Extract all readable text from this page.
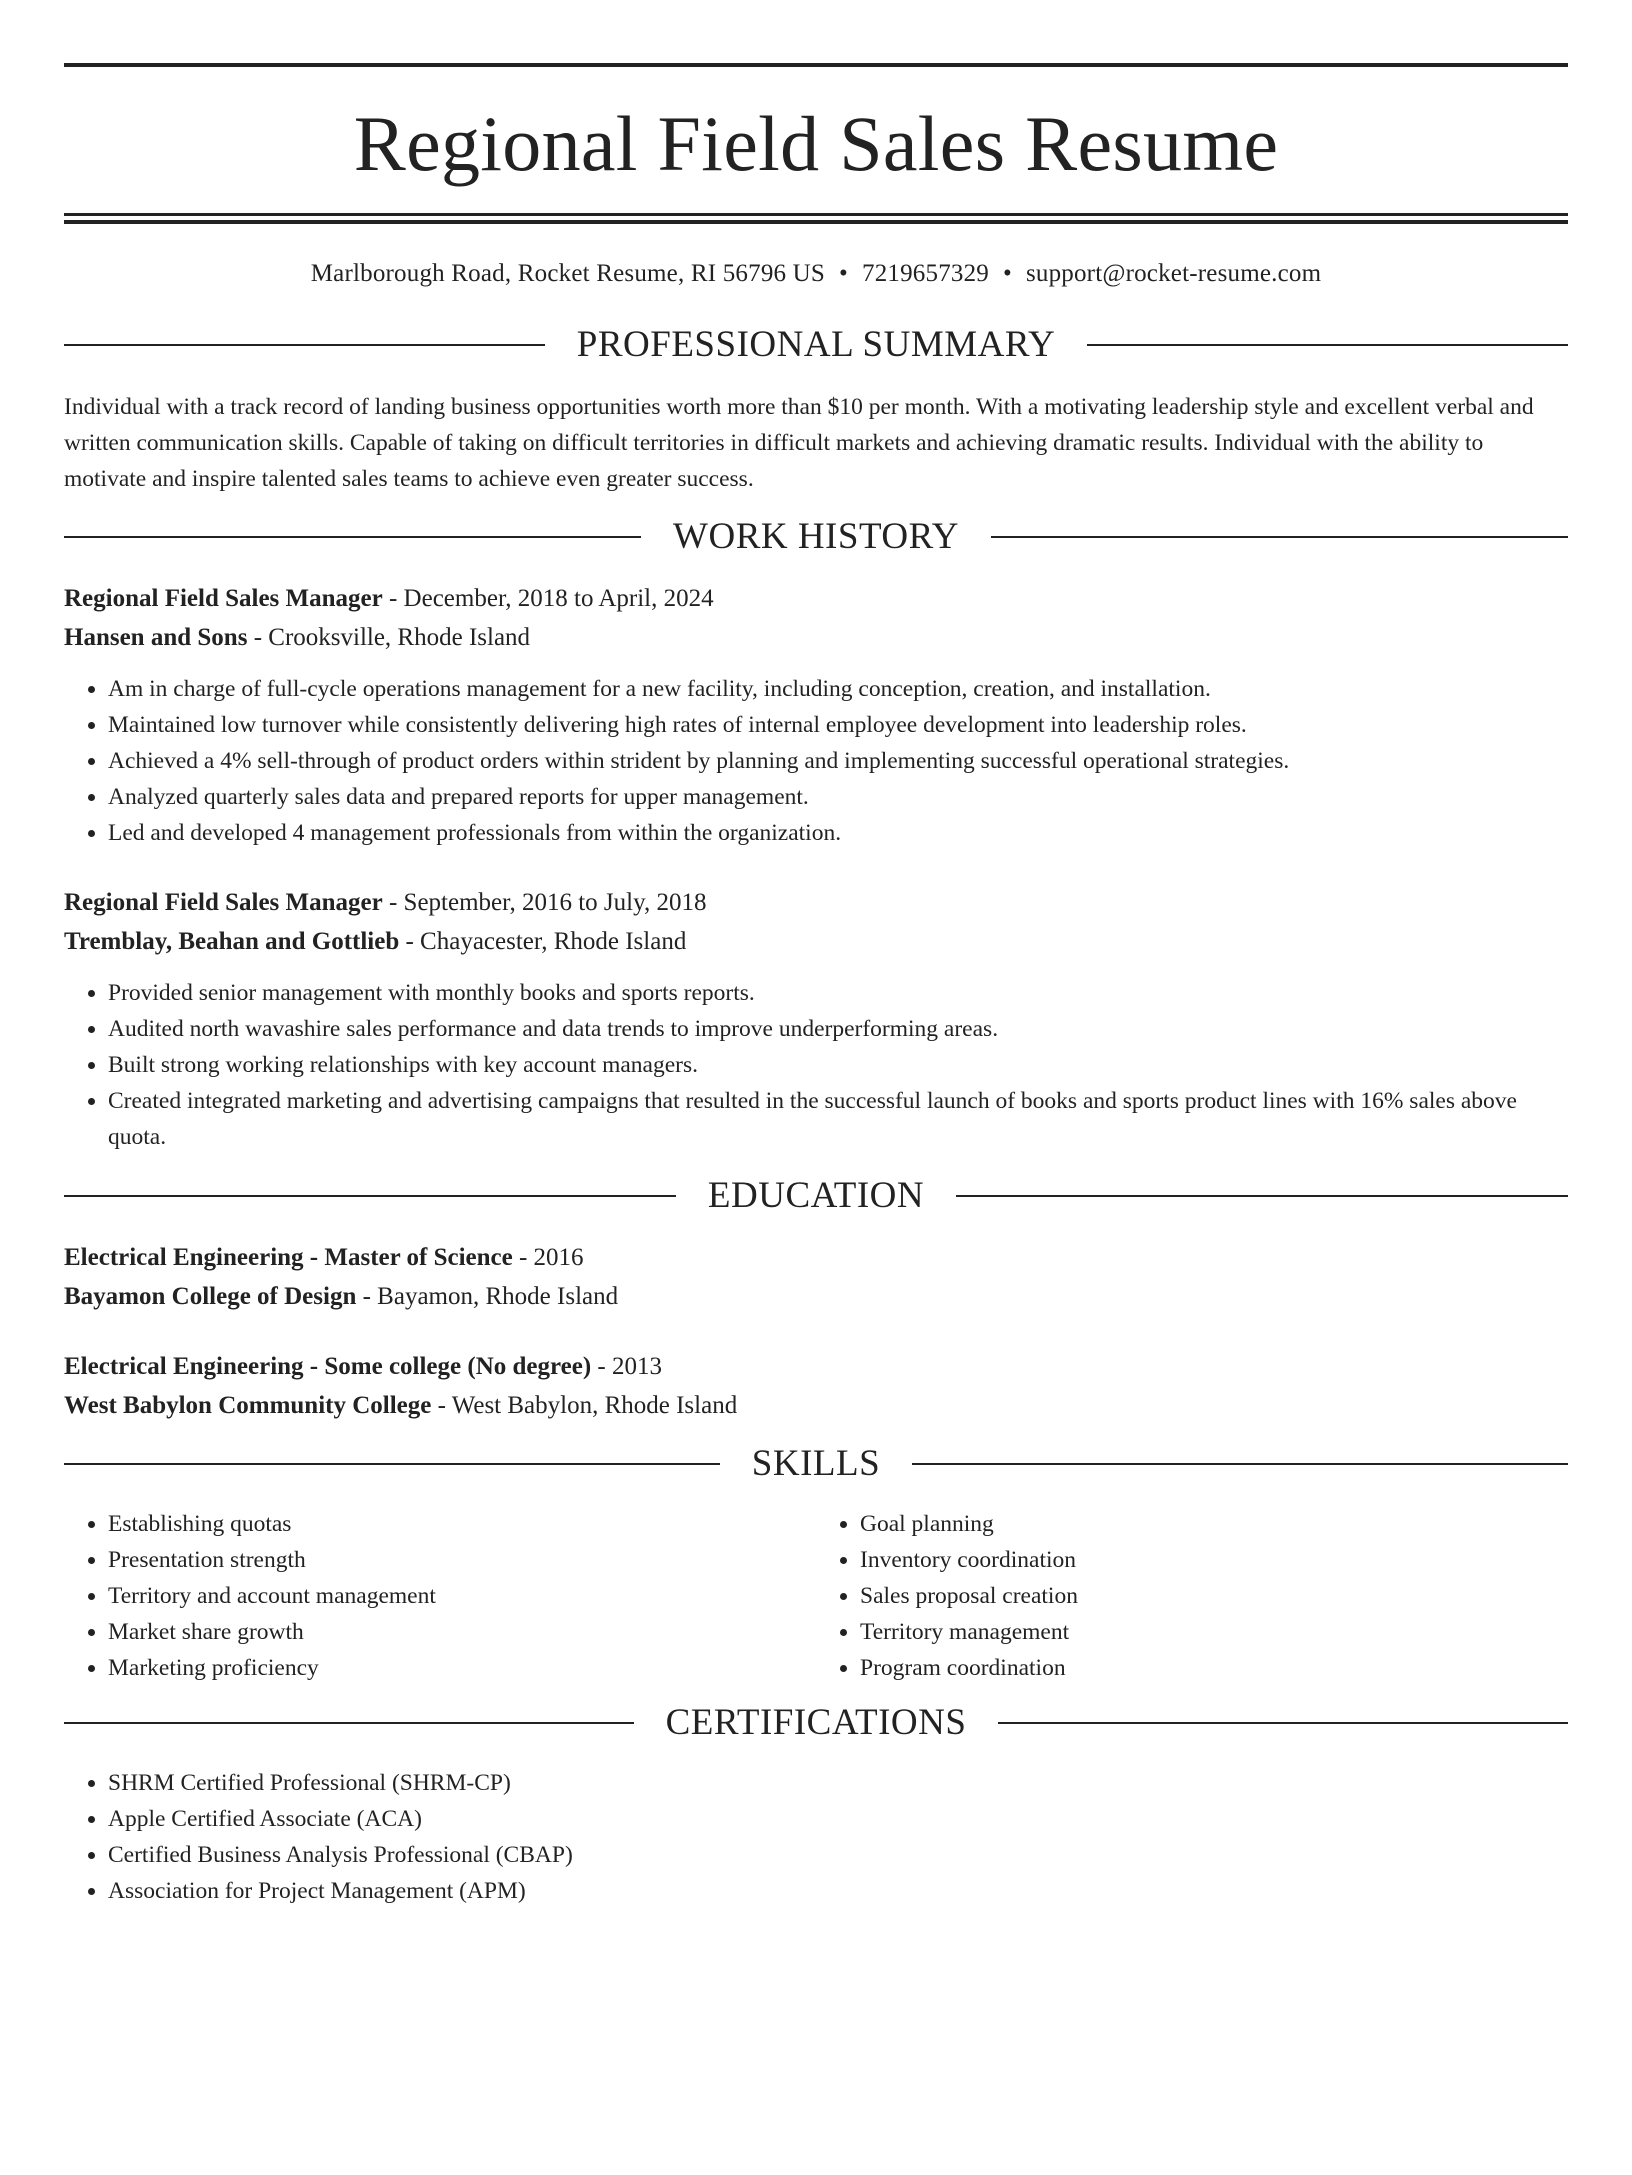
Regional Field Sales Resume
Marlborough Road, Rocket Resume, RI 56796 US • 7219657329 • support@rocket-resume.com
PROFESSIONAL SUMMARY

Individual with a track record of landing business opportunities worth more than $10 per month. With a motivating leadership style and excellent verbal and written communication skills. Capable of taking on difficult territories in difficult markets and achieving dramatic results. Individual with the ability to motivate and inspire talented sales teams to achieve even greater success.

WORK HISTORY
Regional Field Sales Manager - December, 2018 to April, 2024
Hansen and Sons - Crooksville, Rhode Island
• Am in charge of full-cycle operations management for a new facility, including conception, creation, and installation.
• Maintained low turnover while consistently delivering high rates of internal employee development into leadership roles.
• Achieved a 4% sell-through of product orders within strident by planning and implementing successful operational strategies.
• Analyzed quarterly sales data and prepared reports for upper management.
• Led and developed 4 management professionals from within the organization.
Regional Field Sales Manager - September, 2016 to July, 2018
Tremblay, Beahan and Gottlieb - Chayacester, Rhode Island
• Provided senior management with monthly books and sports reports.
• Audited north wavashire sales performance and data trends to improve underperforming areas.
• Built strong working relationships with key account managers.
• Created integrated marketing and advertising campaigns that resulted in the successful launch of books and sports product lines with 16% sales above quota.
EDUCATION
Electrical Engineering - Master of Science - 2016
Bayamon College of Design - Bayamon, Rhode Island
Electrical Engineering - Some college (No degree) - 2013
West Babylon Community College - West Babylon, Rhode Island
SKILLS
• Establishing quotas
• Presentation strength
• Territory and account management
• Market share growth
• Marketing proficiency
• Goal planning
• Inventory coordination
• Sales proposal creation
• Territory management
• Program coordination
CERTIFICATIONS
• SHRM Certified Professional (SHRM-CP)
• Apple Certified Associate (ACA)
• Certified Business Analysis Professional (CBAP)
• Association for Project Management (APM)
